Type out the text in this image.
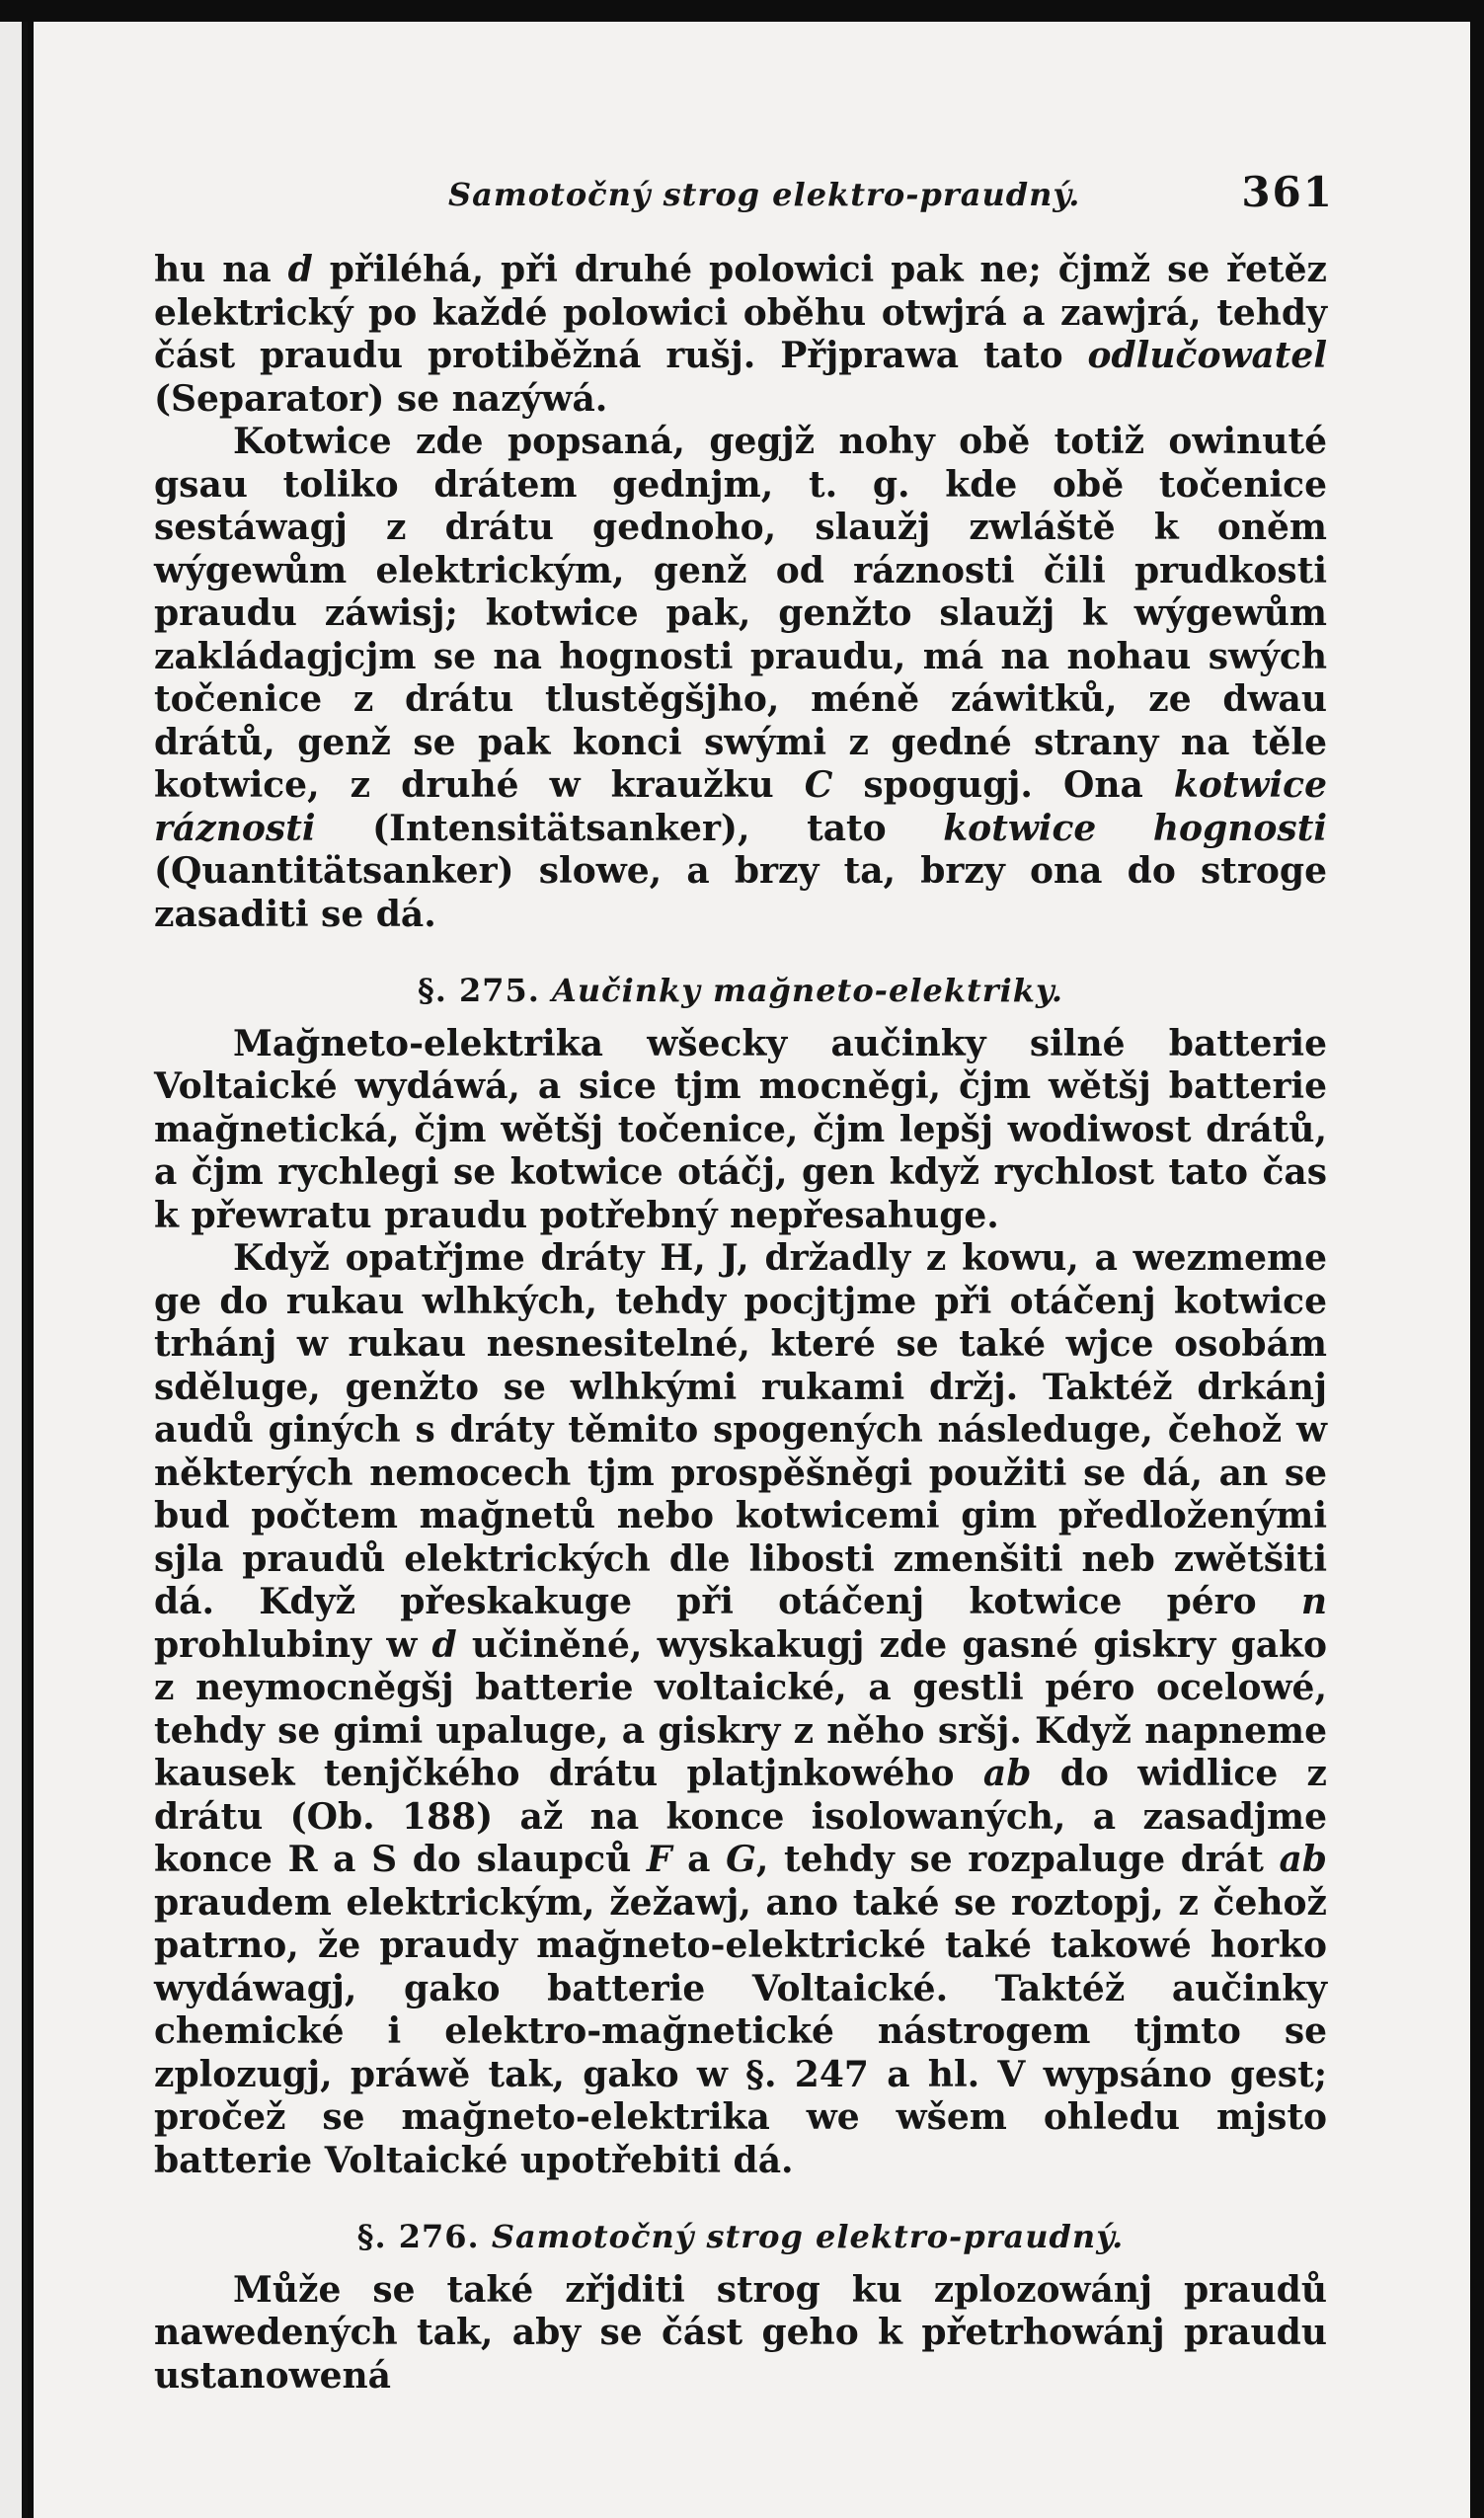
Samotočný strog elektro-praudný.	361

hu na d přiléhá, při druhé polowici pak ne; čjmž se řetěz elektrický po každé polowici oběhu otwjrá a zawjrá, tehdy část praudu protiběžná rušj. Přjprawa tato odlučowatel (Separator) se nazýwá.

Kotwice zde popsaná, gegjž nohy obě totiž owinuté gsau toliko drátem gednjm, t. g. kde obě točenice sestáwagj z drátu gednoho, slaužj zwláště k oněm wýgewům elektrickým, genž od ráznosti čili prudkosti praudu záwisj; kotwice pak, genžto slaužj k wýgewům zakládagjcjm se na hognosti praudu, má na nohau swých točenice z drátu tlustěgšjho, méně záwitků, ze dwau drátů, genž se pak konci swými z gedné strany na těle kotwice, z druhé w kraužku C spogugj. Ona kotwice ráznosti (Intensitätsanker), tato kotwice hognosti (Quantitätsanker) slowe, a brzy ta, brzy ona do stroge zasaditi se dá.

§. 275. Aučinky mağneto-elektriky.

Mağneto-elektrika wšecky aučinky silné batterie Voltaické wydáwá, a sice tjm mocněgi, čjm wětšj batterie mağnetická, čjm wětšj točenice, čjm lepšj wodiwost drátů, a čjm rychlegi se kotwice otáčj, gen když rychlost tato čas k přewratu praudu potřebný nepřesahuge.

Když opatřjme dráty H, J, držadly z kowu, a wezmeme ge do rukau wlhkých, tehdy pocjtjme při otáčenj kotwice trhánj w rukau nesnesitelné, které se také wjce osobám sděluge, genžto se wlhkými rukami držj. Taktéž drkánj audů giných s dráty těmito spogených následuge, čehož w některých nemocech tjm prospěšněgi použiti se dá, an se bud počtem mağnetů nebo kotwicemi gim předloženými sjla praudů elektrických dle libosti zmenšiti neb zwětšiti dá. Když přeskakuge při otáčenj kotwice péro n prohlubiny w d učiněné, wyskakugj zde gasné giskry gako z neymocněgšj batterie voltaické, a gestli péro ocelowé, tehdy se gimi upaluge, a giskry z něho sršj. Když napneme kausek tenjčkého drátu platjnkowého ab do widlice z drátu (Ob. 188) až na konce isolowaných, a zasadjme konce R a S do slaupců F a G, tehdy se rozpaluge drát ab praudem elektrickým, žežawj, ano také se roztopj, z čehož patrno, že praudy mağneto-elektrické také takowé horko wydáwagj, gako batterie Voltaické. Taktéž aučinky chemické i elektro-mağnetické nástrogem tjmto se zplozugj, práwě tak, gako w §. 247 a hl. V wypsáno gest; pročež se mağneto-elektrika we wšem ohledu mjsto batterie Voltaické upotřebiti dá.

§. 276. Samotočný strog elektro-praudný.

Může se také zřjditi strog ku zplozowánj praudů nawedených tak, aby se část geho k přetrhowánj praudu ustanowená
